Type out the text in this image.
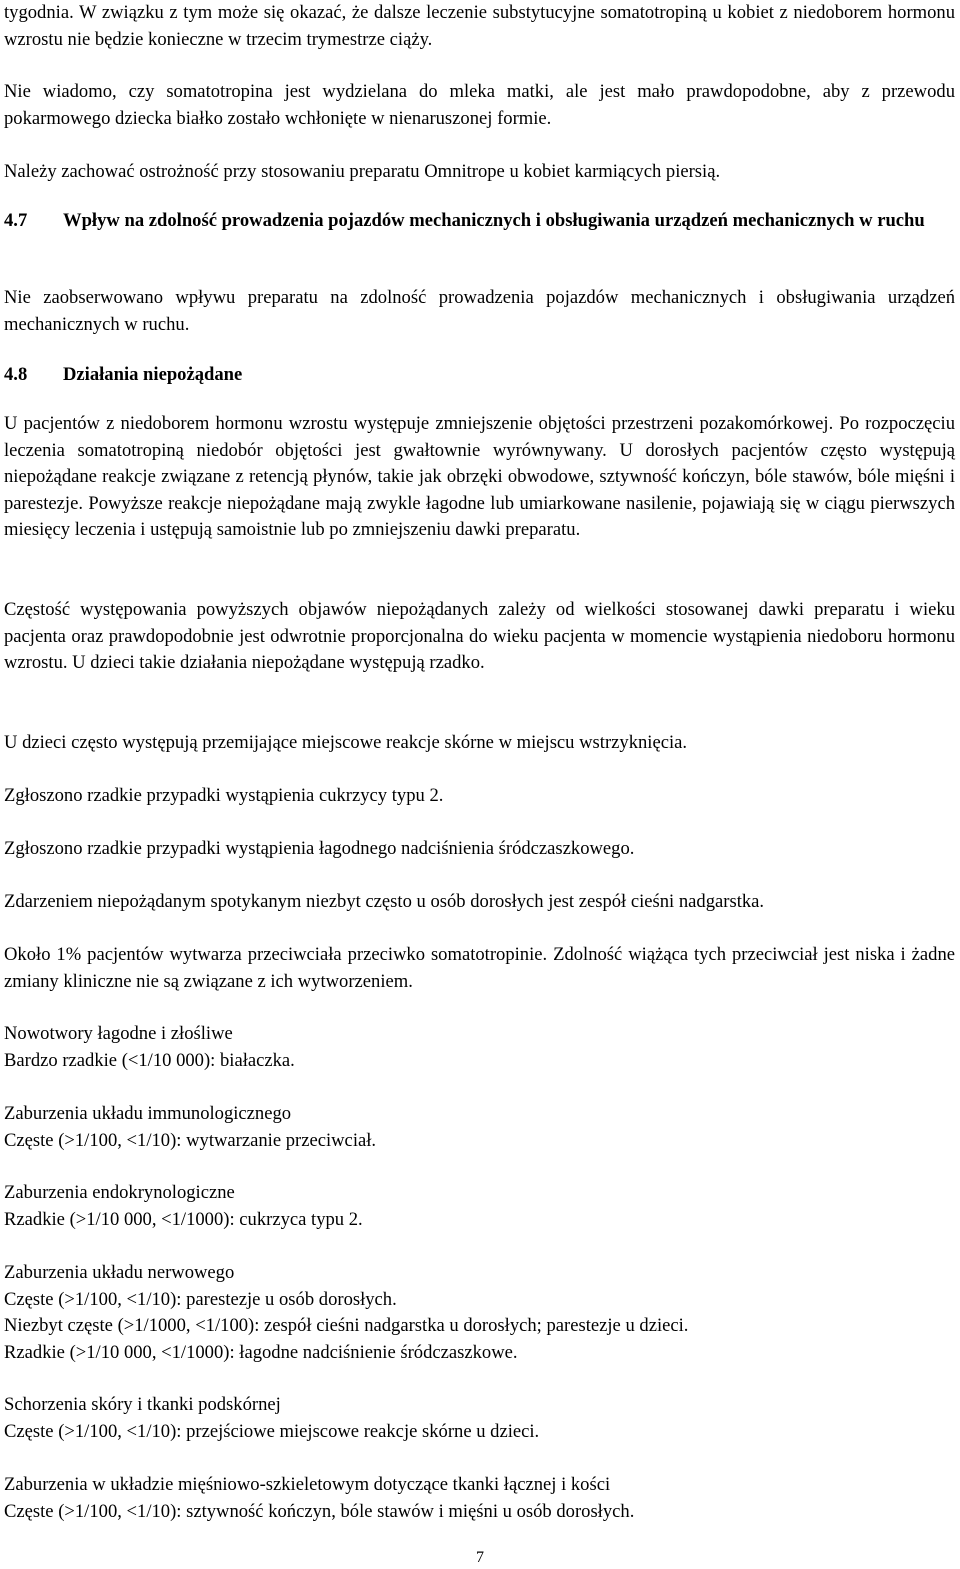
tygodnia. W związku z tym może się okazać, że dalsze leczenie substytucyjne somatotropiną u kobiet z niedoborem hormonu wzrostu nie będzie konieczne w trzecim trymestrze ciąży.

Nie wiadomo, czy somatotropina jest wydzielana do mleka matki, ale jest mało prawdopodobne, aby z przewodu pokarmowego dziecka białko zostało wchłonięte w nienaruszonej formie.

Należy zachować ostrożność przy stosowaniu preparatu Omnitrope u kobiet karmiących piersią.

4.7	Wpływ na zdolność prowadzenia pojazdów mechanicznych i obsługiwania urządzeń mechanicznych w ruchu

Nie zaobserwowano wpływu preparatu na zdolność prowadzenia pojazdów mechanicznych i obsługiwania urządzeń mechanicznych w ruchu.

4.8	Działania niepożądane

U pacjentów z niedoborem hormonu wzrostu występuje zmniejszenie objętości przestrzeni pozakomórkowej. Po rozpoczęciu leczenia somatotropiną niedobór objętości jest gwałtownie wyrównywany. U dorosłych pacjentów często występują niepożądane reakcje związane z retencją płynów, takie jak obrzęki obwodowe, sztywność kończyn, bóle stawów, bóle mięśni i parestezje. Powyższe reakcje niepożądane mają zwykle łagodne lub umiarkowane nasilenie, pojawiają się w ciągu pierwszych miesięcy leczenia i ustępują samoistnie lub po zmniejszeniu dawki preparatu.

Częstość występowania powyższych objawów niepożądanych zależy od wielkości stosowanej dawki preparatu i wieku pacjenta oraz prawdopodobnie jest odwrotnie proporcjonalna do wieku pacjenta w momencie wystąpienia niedoboru hormonu wzrostu. U dzieci takie działania niepożądane występują rzadko.

U dzieci często występują przemijające miejscowe reakcje skórne w miejscu wstrzyknięcia.

Zgłoszono rzadkie przypadki wystąpienia cukrzycy typu 2.

Zgłoszono rzadkie przypadki wystąpienia łagodnego nadciśnienia śródczaszkowego.

Zdarzeniem niepożądanym spotykanym niezbyt często u osób dorosłych jest zespół cieśni nadgarstka.

Około 1% pacjentów wytwarza przeciwciała przeciwko somatotropinie. Zdolność wiążąca tych przeciwciał jest niska i żadne zmiany kliniczne nie są związane z ich wytworzeniem.

Nowotwory łagodne i złośliwe

Bardzo rzadkie (<1/10 000): białaczka.

Zaburzenia układu immunologicznego

Częste (>1/100, <1/10): wytwarzanie przeciwciał.

Zaburzenia endokrynologiczne

Rzadkie (>1/10 000, <1/1000): cukrzyca typu 2.

Zaburzenia układu nerwowego

Częste (>1/100, <1/10): parestezje u osób dorosłych.

Niezbyt częste (>1/1000, <1/100): zespół cieśni nadgarstka u dorosłych; parestezje u dzieci.

Rzadkie (>1/10 000, <1/1000): łagodne nadciśnienie śródczaszkowe.

Schorzenia skóry i tkanki podskórnej

Częste (>1/100, <1/10): przejściowe miejscowe reakcje skórne u dzieci.

Zaburzenia w układzie mięśniowo-szkieletowym dotyczące tkanki łącznej i kości

Częste (>1/100, <1/10): sztywność kończyn, bóle stawów i mięśni u osób dorosłych.

7
